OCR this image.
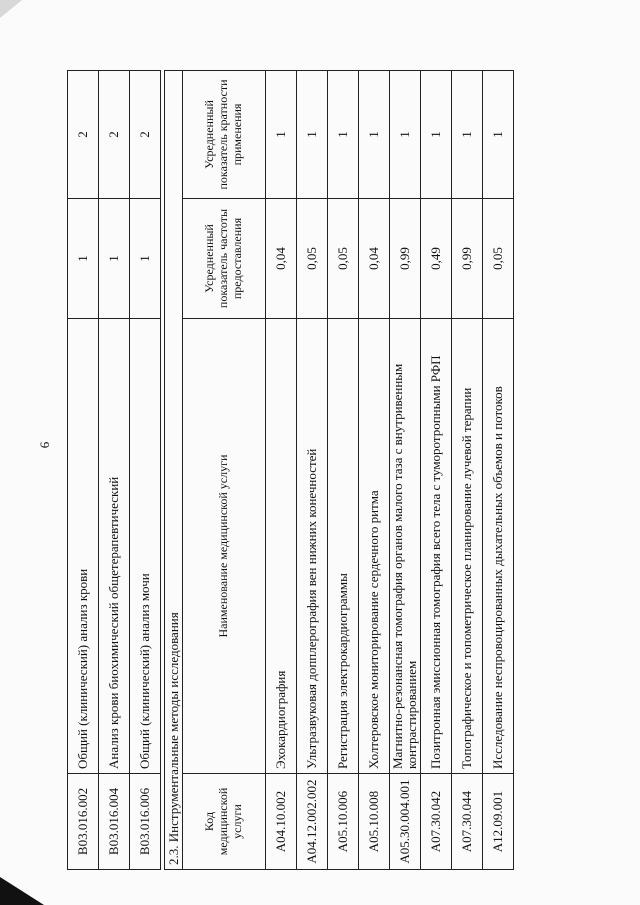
6
B03.016.002	Общий (клинический) анализ крови	1	2
B03.016.004	Анализ крови биохимический общетерапевтический	1	2
B03.016.006	Общий (клинический) анализ мочи	1	2
2.3. Инструментальные методы исследования			
Код медицинской услуги	Наименование медицинской услуги	Усредненный показатель частоты предоставления	Усредненный показатель кратности применения
A04.10.002	Эхокардиография	0,04	1
A04.12.002.002	Ультразвуковая допплерография вен нижних конечностей	0,05	1
A05.10.006	Регистрация электрокардиограммы	0,05	1
A05.10.008	Холтеровское мониторирование сердечного ритма	0,04	1
A05.30.004.001	Магнитно-резонансная томография органов малого таза с внутривенным контрастированием	0,99	1
A07.30.042	Позитронная эмиссионная томография всего тела с туморотропными РФП	0,49	1
A07.30.044	Топографическое и топометрическое планирование лучевой терапии	0,99	1
A12.09.001	Исследование неспровоцированных дыхательных объемов и потоков	0,05	1
